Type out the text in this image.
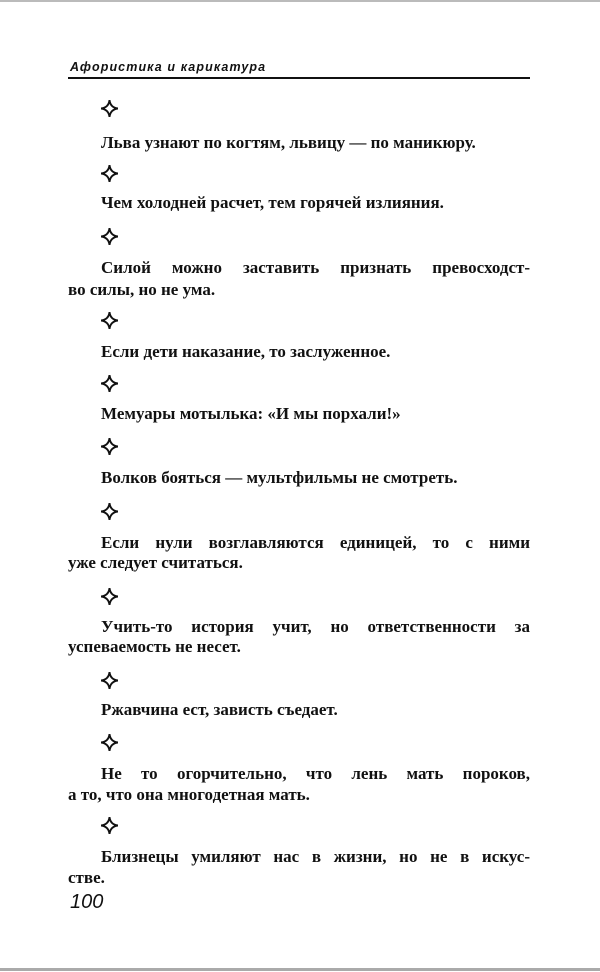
Афористика и карикатура
Льва узнают по когтям, львицу — по маникюру.
Чем холодней расчет, тем горячей излияния.
Силой можно заставить признать превосходст-
во силы, но не ума.
Если дети наказание, то заслуженное.
Мемуары мотылька: «И мы порхали!»
Волков бояться — мультфильмы не смотреть.
Если нули возглавляются единицей, то с ними
уже следует считаться.
Учить-то история учит, но ответственности за
успеваемость не несет.
Ржавчина ест, зависть съедает.
Не то огорчительно, что лень мать пороков,
а то, что она многодетная мать.
Близнецы умиляют нас в жизни, но не в искус-
стве.
100
